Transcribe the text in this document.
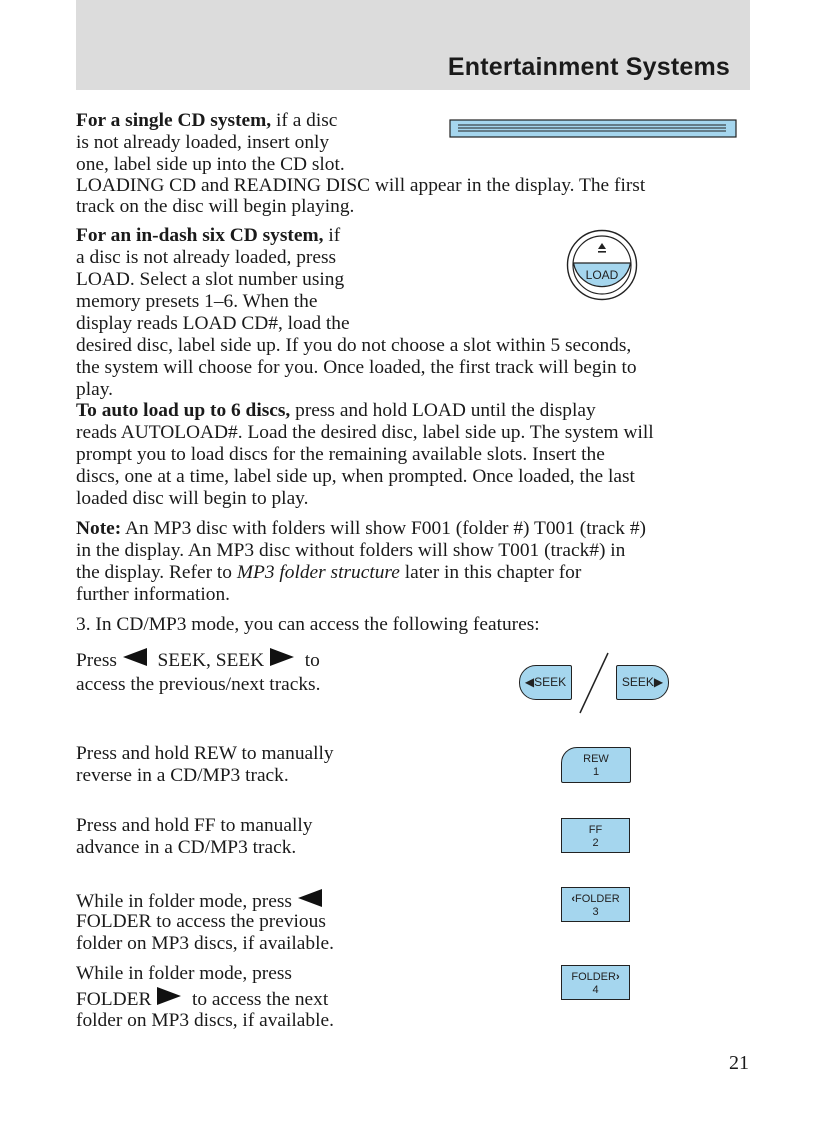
Entertainment Systems

For a single CD system, if a disc

is not already loaded, insert only

one, label side up into the CD slot.

LOADING CD and READING DISC will appear in the display. The first

track on the disc will begin playing.

For an in-dash six CD system, if

a disc is not already loaded, press

LOAD. Select a slot number using

memory presets 1–6. When the

display reads LOAD CD#, load the

desired disc, label side up. If you do not choose a slot within 5 seconds,

the system will choose for you. Once loaded, the first track will begin to

play.

LOAD

To auto load up to 6 discs, press and hold LOAD until the display

reads AUTOLOAD#. Load the desired disc, label side up. The system will

prompt you to load discs for the remaining available slots. Insert the

discs, one at a time, label side up, when prompted. Once loaded, the last

loaded disc will begin to play.

Note: An MP3 disc with folders will show F001 (folder #) T001 (track #)

in the display. An MP3 disc without folders will show T001 (track#) in

the display. Refer to MP3 folder structure later in this chapter for

further information.

3. In CD/MP3 mode, you can access the following features:

Press SEEK, SEEK to

access the previous/next tracks.	◀SEEK	SEEK▶

Press and hold REW to manually

reverse in a CD/MP3 track.

REW
1

Press and hold FF to manually

advance in a CD/MP3 track.

FF
2

While in folder mode, press

FOLDER to access the previous

folder on MP3 discs, if available.

‹FOLDER
3

While in folder mode, press

FOLDER to access the next

folder on MP3 discs, if available.

FOLDER›
4
21
